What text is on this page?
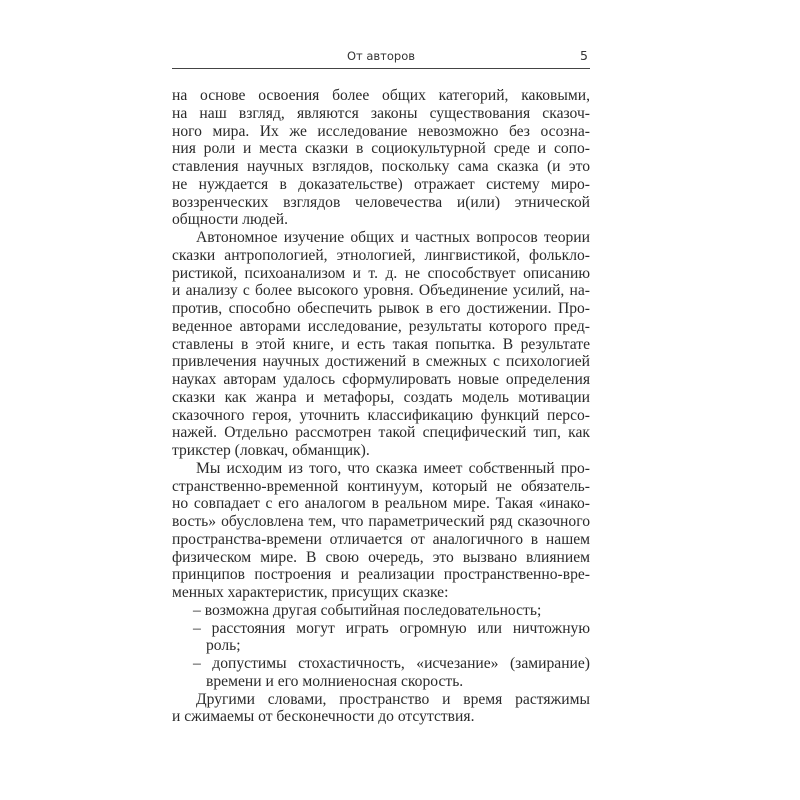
От авторов	5
на основе освоения более общих категорий, каковыми,
на наш взгляд, являются законы существования сказоч-
ного мира. Их же исследование невозможно без осозна-
ния роли и места сказки в социокультурной среде и сопо-
ставления научных взглядов, поскольку сама сказка (и это
не нуждается в доказательстве) отражает систему миро-
воззренческих взглядов человечества и(или) этнической
общности людей.
Автономное изучение общих и частных вопросов теории
сказки антропологией, этнологией, лингвистикой, фолькло-
ристикой, психоанализом и т. д. не способствует описанию
и анализу с более высокого уровня. Объединение усилий, на-
против, способно обеспечить рывок в его достижении. Про-
веденное авторами исследование, результаты которого пред-
ставлены в этой книге, и есть такая попытка. В результате
привлечения научных достижений в смежных с психологией
науках авторам удалось сформулировать новые определения
сказки как жанра и метафоры, создать модель мотивации
сказочного героя, уточнить классификацию функций персо-
нажей. Отдельно рассмотрен такой специфический тип, как
трикстер (ловкач, обманщик).
Мы исходим из того, что сказка имеет собственный про-
странственно-временной континуум, который не обязатель-
но совпадает с его аналогом в реальном мире. Такая «инако-
вость» обусловлена тем, что параметрический ряд сказочного
пространства-времени отличается от аналогичного в нашем
физическом мире. В свою очередь, это вызвано влиянием
принципов построения и реализации пространственно-вре-
менных характеристик, присущих сказке:
– возможна другая событийная последовательность;
– расстояния могут играть огромную или ничтожную
роль;
– допустимы стохастичность, «исчезание» (замирание)
времени и его молниеносная скорость.
Другими словами, пространство и время растяжимы
и сжимаемы от бесконечности до отсутствия.
